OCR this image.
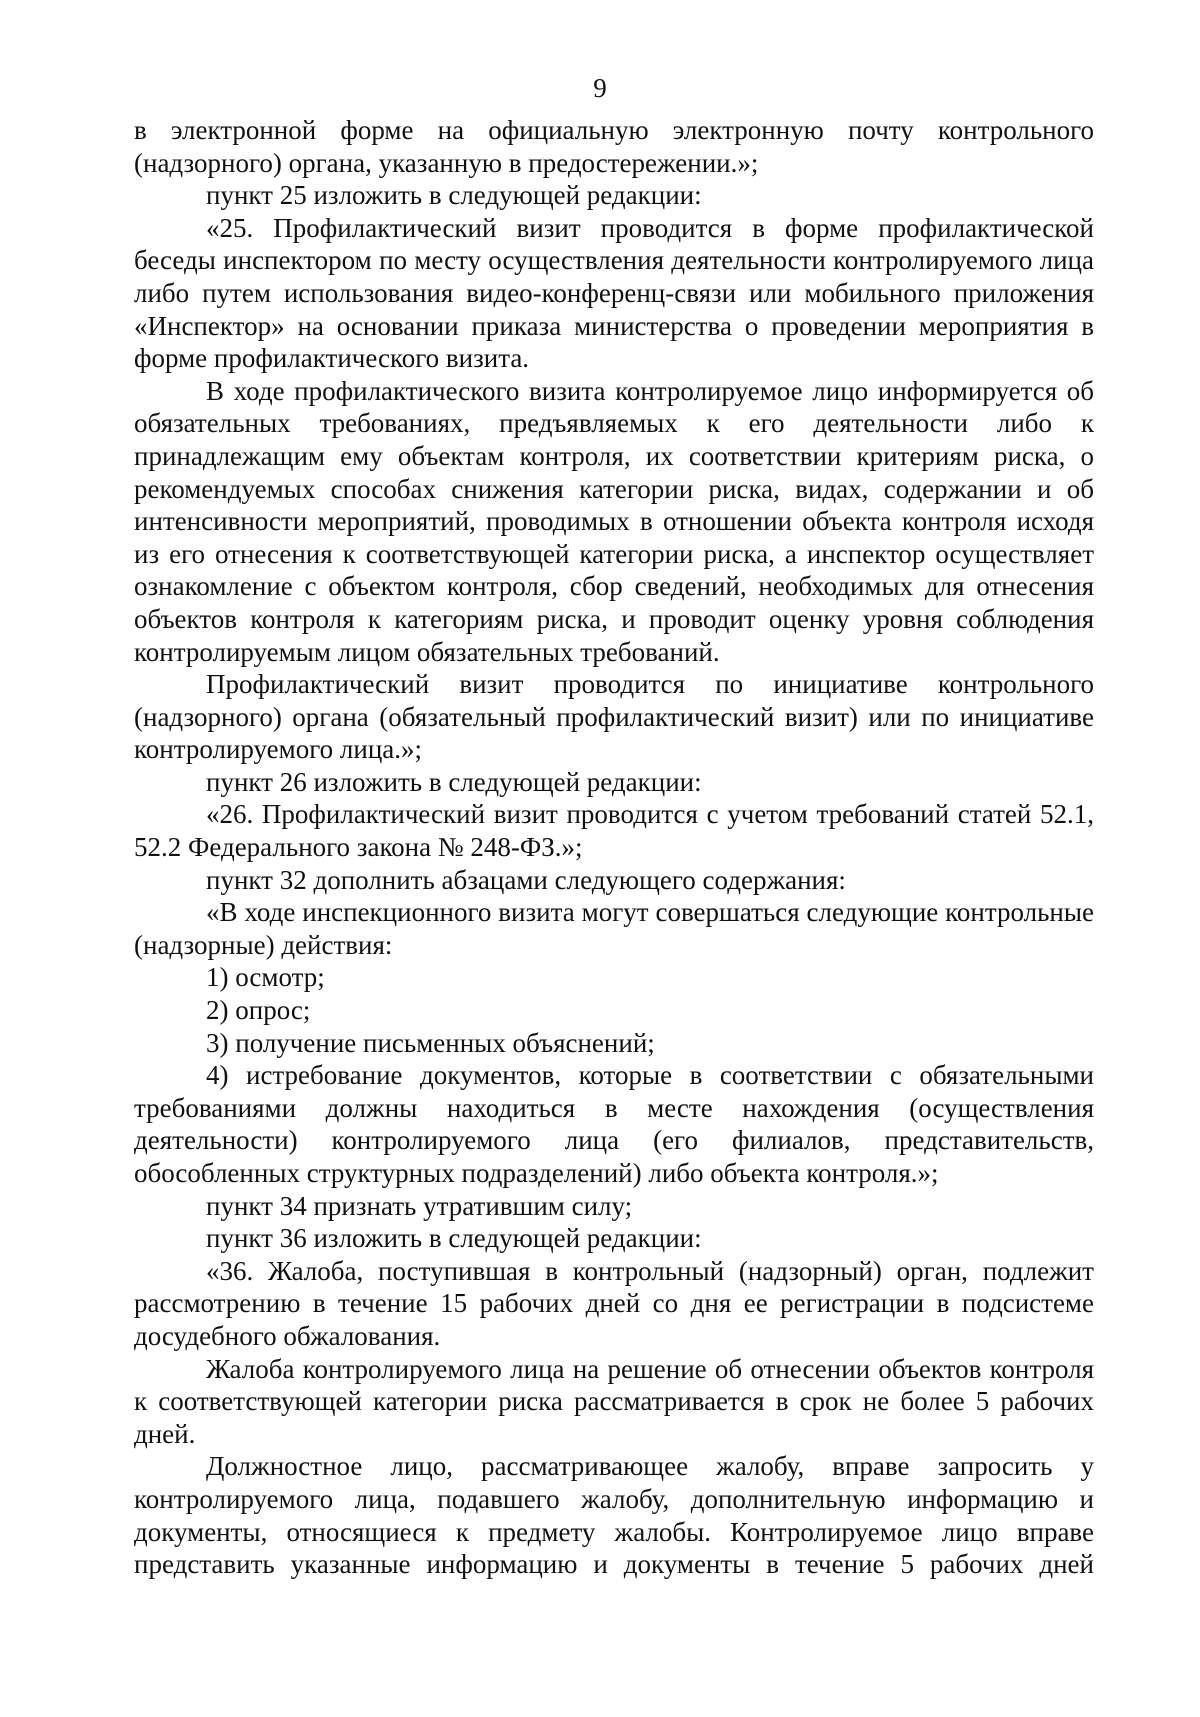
9

в электронной форме на официальную электронную почту контрольного (надзорного) органа, указанную в предостережении.»;

пункт 25 изложить в следующей редакции:

«25. Профилактический визит проводится в форме профилактической беседы инспектором по месту осуществления деятельности контролируемого лица либо путем использования видео-конференц-связи или мобильного приложения «Инспектор» на основании приказа министерства о проведении мероприятия в форме профилактического визита.

В ходе профилактического визита контролируемое лицо информируется об обязательных требованиях, предъявляемых к его деятельности либо к принадлежащим ему объектам контроля, их соответствии критериям риска, о рекомендуемых способах снижения категории риска, видах, содержании и об интенсивности мероприятий, проводимых в отношении объекта контроля исходя из его отнесения к соответствующей категории риска, а инспектор осуществляет ознакомление с объектом контроля, сбор сведений, необходимых для отнесения объектов контроля к категориям риска, и проводит оценку уровня соблюдения контролируемым лицом обязательных требований.

Профилактический визит проводится по инициативе контрольного (надзорного) органа (обязательный профилактический визит) или по инициативе контролируемого лица.»;

пункт 26 изложить в следующей редакции:

«26. Профилактический визит проводится с учетом требований статей 52.1, 52.2 Федерального закона № 248-ФЗ.»;

пункт 32 дополнить абзацами следующего содержания:

«В ходе инспекционного визита могут совершаться следующие контрольные (надзорные) действия:

1) осмотр;

2) опрос;

3) получение письменных объяснений;

4) истребование документов, которые в соответствии с обязательными требованиями должны находиться в месте нахождения (осуществления деятельности) контролируемого лица (его филиалов, представительств, обособленных структурных подразделений) либо объекта контроля.»;

пункт 34 признать утратившим силу;

пункт 36 изложить в следующей редакции:

«36. Жалоба, поступившая в контрольный (надзорный) орган, подлежит рассмотрению в течение 15 рабочих дней со дня ее регистрации в подсистеме досудебного обжалования.

Жалоба контролируемого лица на решение об отнесении объектов контроля к соответствующей категории риска рассматривается в срок не более 5 рабочих дней.

Должностное лицо, рассматривающее жалобу, вправе запросить у контролируемого лица, подавшего жалобу, дополнительную информацию и документы, относящиеся к предмету жалобы. Контролируемое лицо вправе представить указанные информацию и документы в течение 5 рабочих дней
